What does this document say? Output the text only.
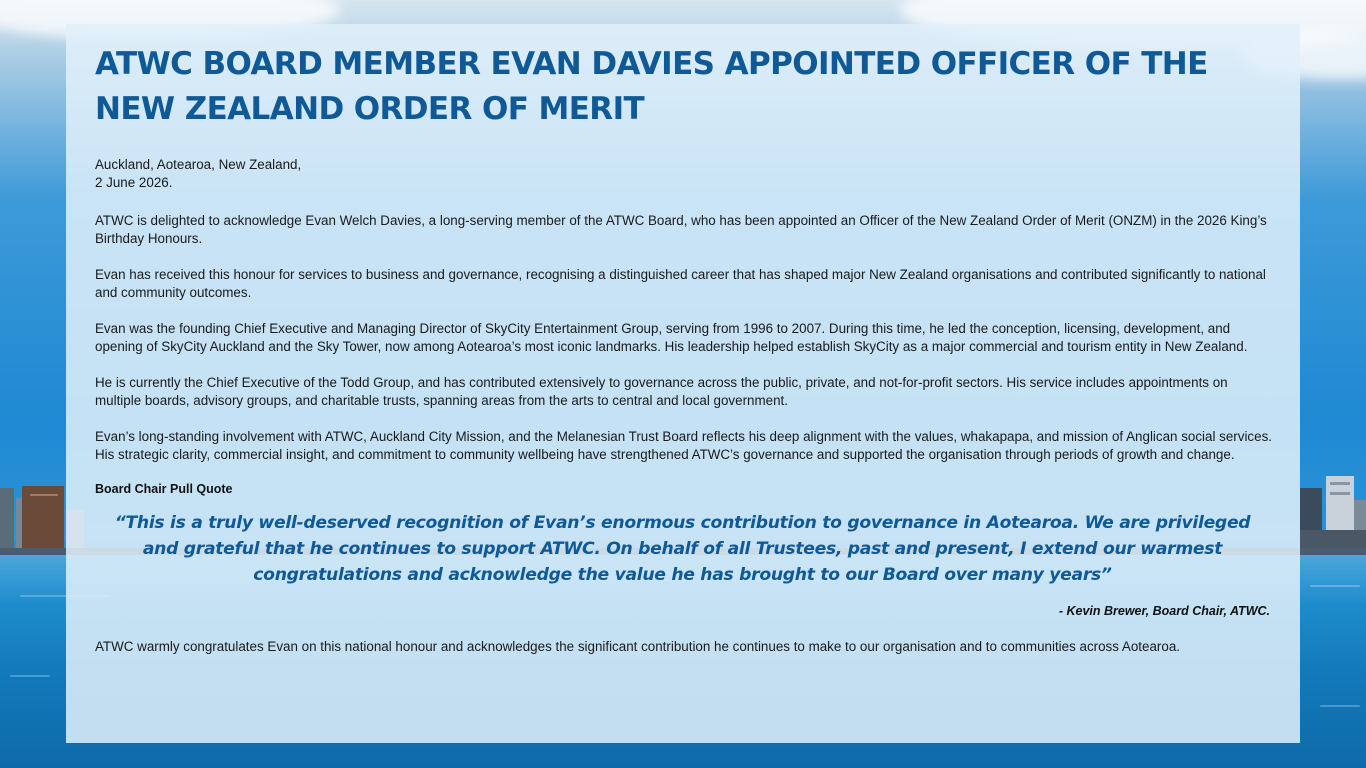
ATWC BOARD MEMBER EVAN DAVIES APPOINTED OFFICER OF THE NEW ZEALAND ORDER OF MERIT
Auckland, Aotearoa, New Zealand,
2 June 2026.

ATWC is delighted to acknowledge Evan Welch Davies, a long-serving member of the ATWC Board, who has been appointed an Officer of the New Zealand Order of Merit (ONZM) in the 2026 King’s Birthday Honours.

Evan has received this honour for services to business and governance, recognising a distinguished career that has shaped major New Zealand organisations and contributed significantly to national and community outcomes.

Evan was the founding Chief Executive and Managing Director of SkyCity Entertainment Group, serving from 1996 to 2007. During this time, he led the conception, licensing, development, and opening of SkyCity Auckland and the Sky Tower, now among Aotearoa’s most iconic landmarks. His leadership helped establish SkyCity as a major commercial and tourism entity in New Zealand.

He is currently the Chief Executive of the Todd Group, and has contributed extensively to governance across the public, private, and not-for-profit sectors. His service includes appointments on multiple boards, advisory groups, and charitable trusts, spanning areas from the arts to central and local government.

Evan’s long-standing involvement with ATWC, Auckland City Mission, and the Melanesian Trust Board reflects his deep alignment with the values, whakapapa, and mission of Anglican social services. His strategic clarity, commercial insight, and commitment to community wellbeing have strengthened ATWC’s governance and supported the organisation through periods of growth and change.

Board Chair Pull Quote
“This is a truly well-deserved recognition of Evan’s enormous contribution to governance in Aotearoa. We are privileged and grateful that he continues to support ATWC. On behalf of all Trustees, past and present, I extend our warmest congratulations and acknowledge the value he has brought to our Board over many years”
- Kevin Brewer, Board Chair, ATWC.

ATWC warmly congratulates Evan on this national honour and acknowledges the significant contribution he continues to make to our organisation and to communities across Aotearoa.
